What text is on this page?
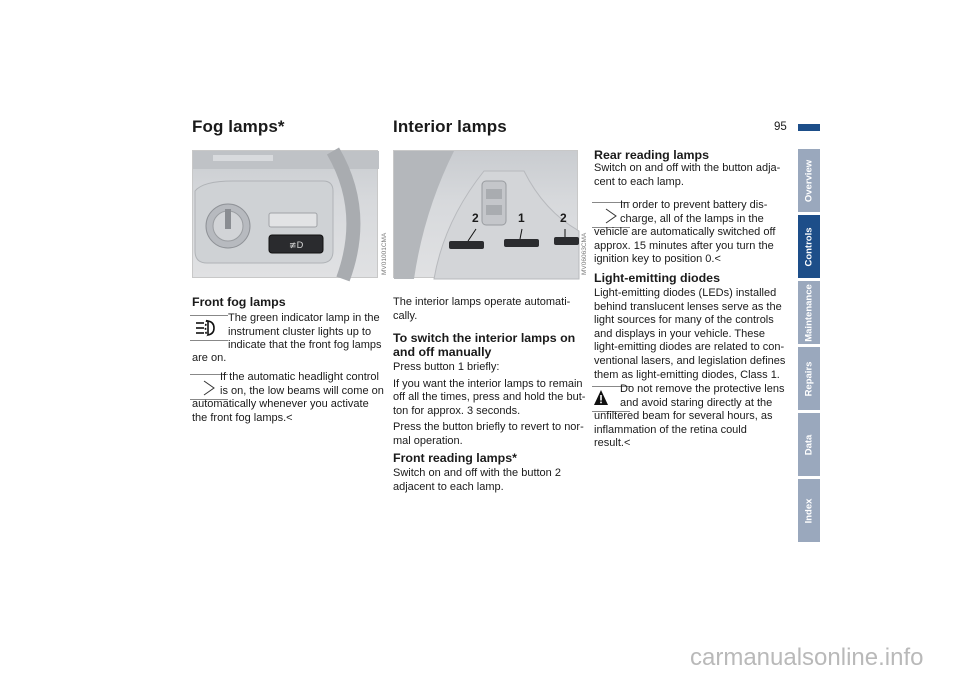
95
Fog lamps*
≢D	MV01001CMA
Front fog lamps
The green indicator lamp in the
instrument cluster lights up to
indicate that the front fog lamps
are on.
If the automatic headlight control
is on, the low beams will come on
automatically whenever you activate
the front fog lamps.<
Interior lamps
2	1	2
MV06063CMA
The interior lamps operate automati-
cally.
To switch the interior lamps on
and off manually
Press button 1 briefly:
If you want the interior lamps to remain
off all the times, press and hold the but-
ton for approx. 3 seconds.
Press the button briefly to revert to nor-
mal operation.
Front reading lamps*
Switch on and off with the button 2
adjacent to each lamp.
Rear reading lamps
Switch on and off with the button adja-
cent to each lamp.
In order to prevent battery dis-
charge, all of the lamps in the
vehicle are automatically switched off
approx. 15 minutes after you turn the
ignition key to position 0.<
Light-emitting diodes
Light-emitting diodes (LEDs) installed
behind translucent lenses serve as the
light sources for many of the controls
and displays in your vehicle. These
light-emitting diodes are related to con-
ventional lasers, and legislation defines
them as light-emitting diodes, Class 1.
Do not remove the protective lens
and avoid staring directly at the
unfiltered beam for several hours, as
inflammation of the retina could
result.<
Overview
Controls
Maintenance
Repairs
Data
Index
carmanualsonline.info
